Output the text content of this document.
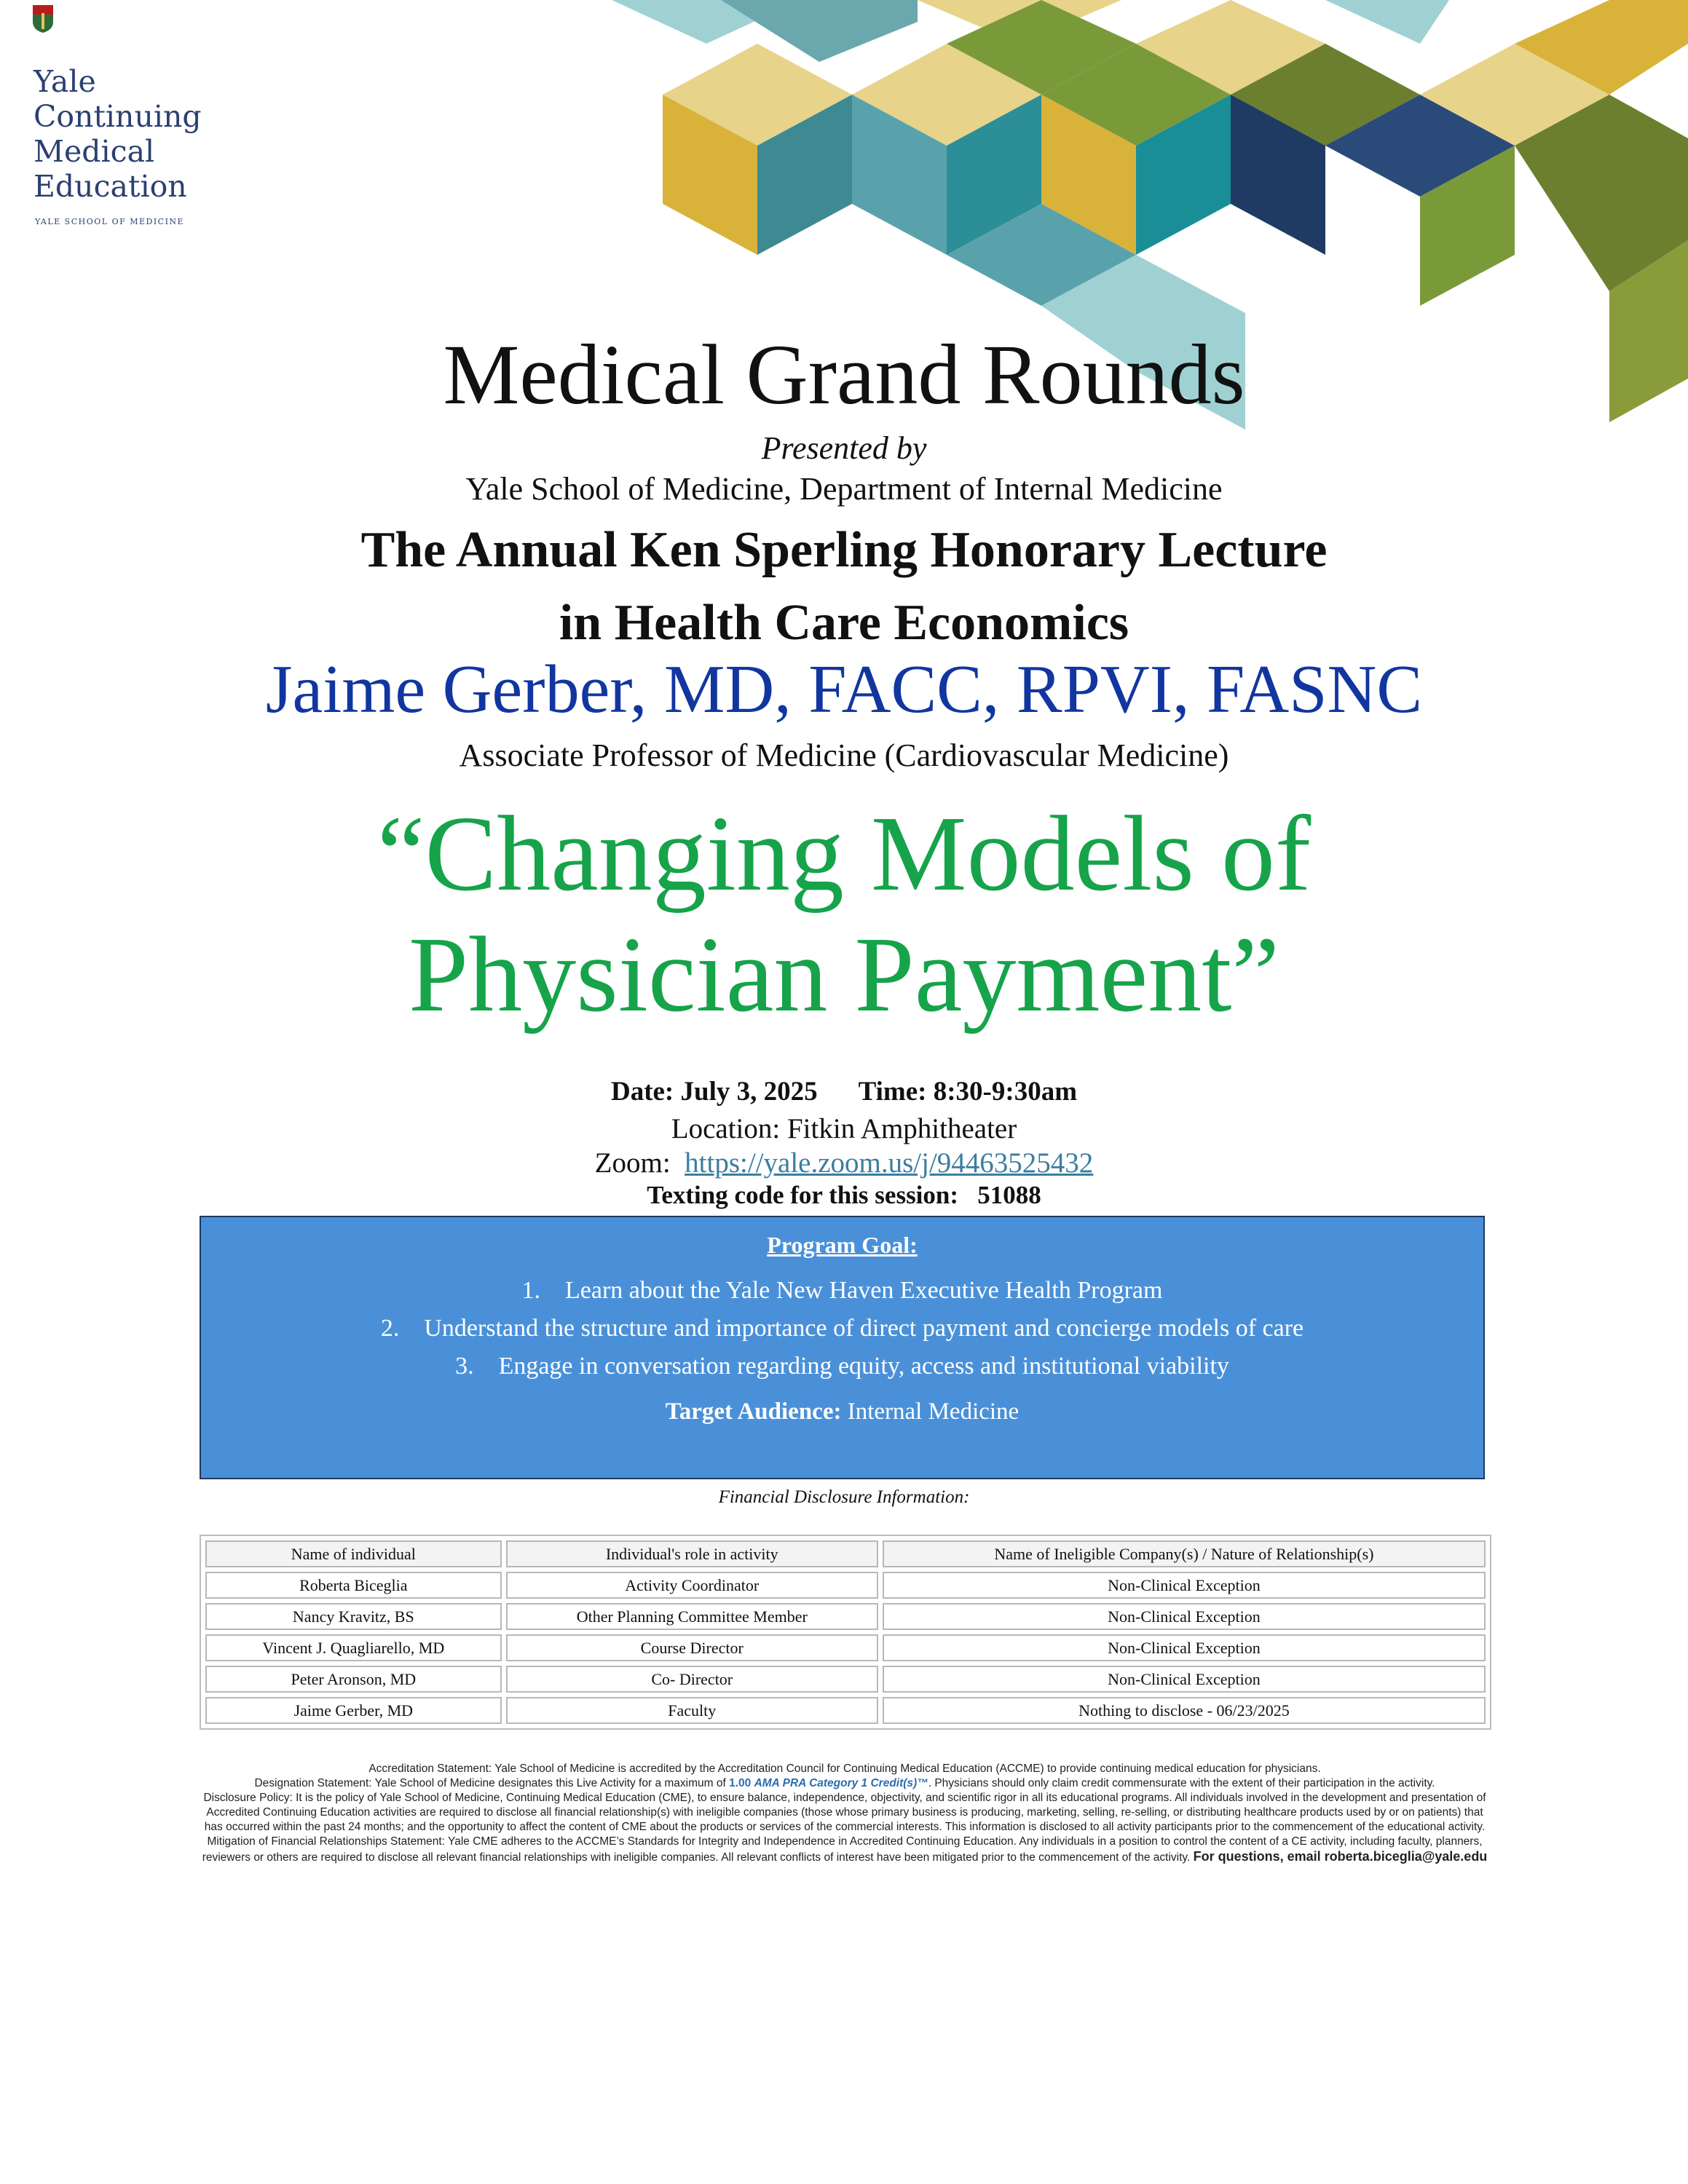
Yale
Continuing
Medical
Education
YALE SCHOOL OF MEDICINE
Medical Grand Rounds
Presented by
Yale School of Medicine, Department of Internal Medicine
The Annual Ken Sperling Honorary Lecture
in Health Care Economics
Jaime Gerber, MD, FACC, RPVI, FASNC
Associate Professor of Medicine (Cardiovascular Medicine)
“Changing Models of
Physician Payment”
Date: July 3, 2025 Time: 8:30-9:30am
Location: Fitkin Amphitheater
Zoom: https://yale.zoom.us/j/94463525432
Texting code for this session:   51088
Program Goal:
1.    Learn about the Yale New Haven Executive Health Program
2.    Understand the structure and importance of direct payment and concierge models of care
3.    Engage in conversation regarding equity, access and institutional viability
Target Audience: Internal Medicine
Financial Disclosure Information:
Name of individual	Individual's role in activity	Name of Ineligible Company(s) / Nature of Relationship(s)
Roberta Biceglia	Activity Coordinator	Non-Clinical Exception
Nancy Kravitz, BS	Other Planning Committee Member	Non-Clinical Exception
Vincent J. Quagliarello, MD	Course Director	Non-Clinical Exception
Peter Aronson, MD	Co- Director	Non-Clinical Exception
Jaime Gerber, MD	Faculty	Nothing to disclose - 06/23/2025
Accreditation Statement: Yale School of Medicine is accredited by the Accreditation Council for Continuing Medical Education (ACCME) to provide continuing medical education for physicians.
Designation Statement: Yale School of Medicine designates this Live Activity for a maximum of 1.00 AMA PRA Category 1 Credit(s)™. Physicians should only claim credit commensurate with the extent of their participation in the activity.
Disclosure Policy: It is the policy of Yale School of Medicine, Continuing Medical Education (CME), to ensure balance, independence, objectivity, and scientific rigor in all its educational programs. All individuals involved in the development and presentation of Accredited Continuing Education activities are required to disclose all financial relationship(s) with ineligible companies (those whose primary business is producing, marketing, selling, re-selling, or distributing healthcare products used by or on patients) that has occurred within the past 24 months; and the opportunity to affect the content of CME about the products or services of the commercial interests. This information is disclosed to all activity participants prior to the commencement of the educational activity.
Mitigation of Financial Relationships Statement: Yale CME adheres to the ACCME’s Standards for Integrity and Independence in Accredited Continuing Education. Any individuals in a position to control the content of a CE activity, including faculty, planners, reviewers or others are required to disclose all relevant financial relationships with ineligible companies. All relevant conflicts of interest have been mitigated prior to the commencement of the activity. For questions, email roberta.biceglia@yale.edu
